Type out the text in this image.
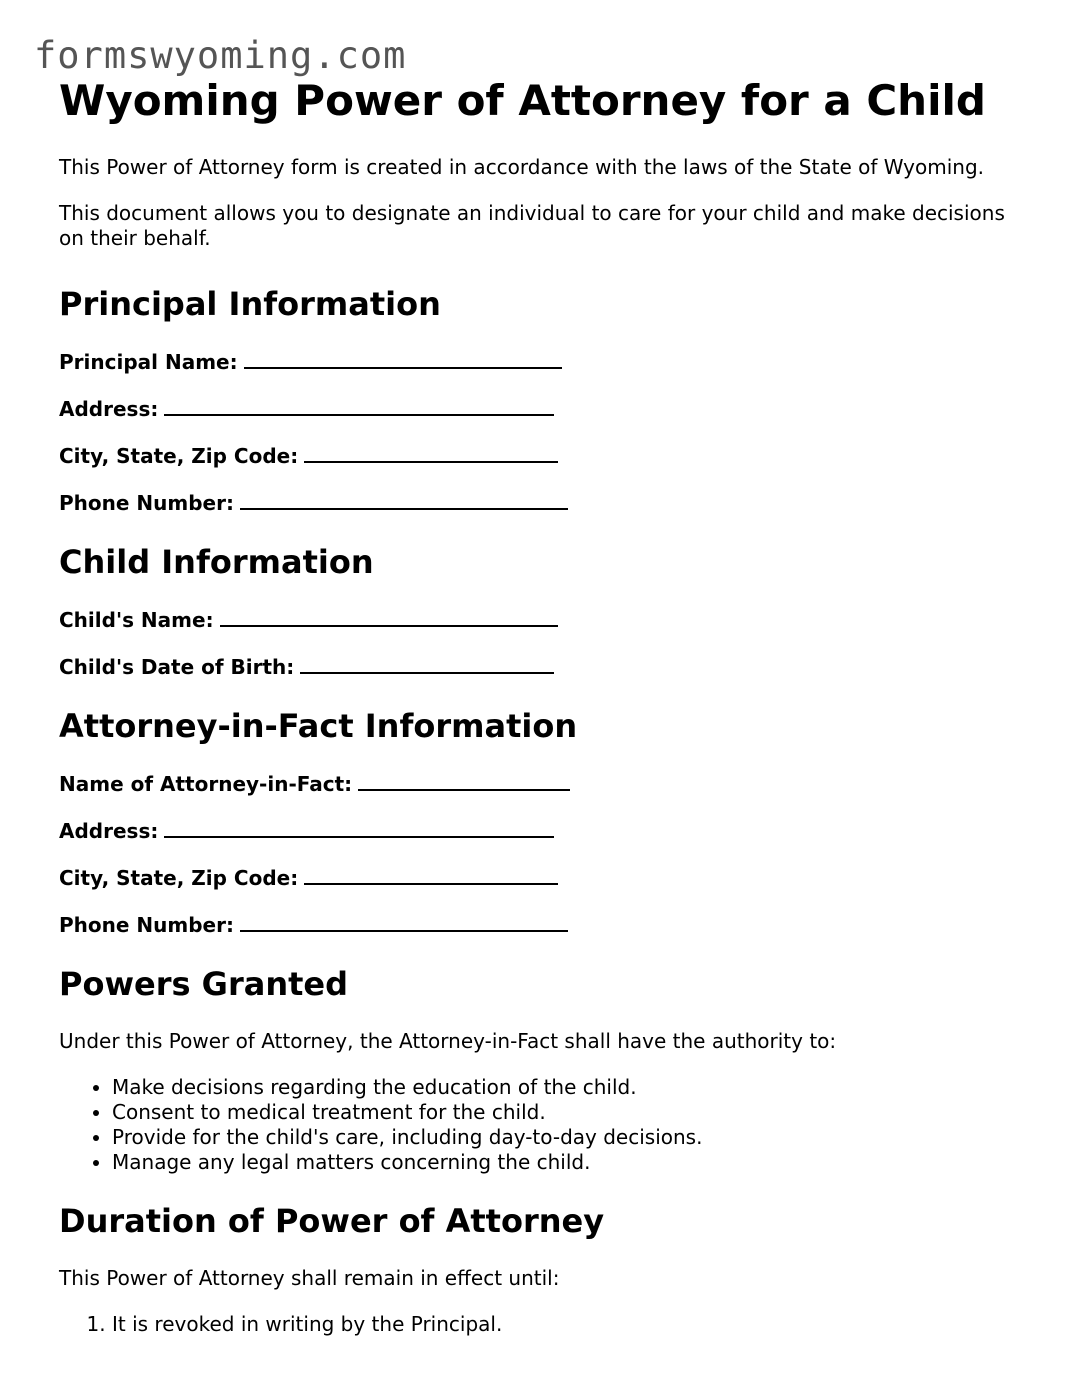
formswyoming.com
Wyoming Power of Attorney for a Child

This Power of Attorney form is created in accordance with the laws of the State of Wyoming.

This document allows you to designate an individual to care for your child and make decisions on their behalf.

Principal Information
Principal Name:
Address:
City, State, Zip Code:
Phone Number:
Child Information
Child's Name:
Child's Date of Birth:
Attorney-in-Fact Information
Name of Attorney-in-Fact:
Address:
City, State, Zip Code:
Phone Number:
Powers Granted

Under this Power of Attorney, the Attorney-in-Fact shall have the authority to:

• Make decisions regarding the education of the child.
• Consent to medical treatment for the child.
• Provide for the child's care, including day-to-day decisions.
• Manage any legal matters concerning the child.
Duration of Power of Attorney

This Power of Attorney shall remain in effect until:

1. It is revoked in writing by the Principal.
